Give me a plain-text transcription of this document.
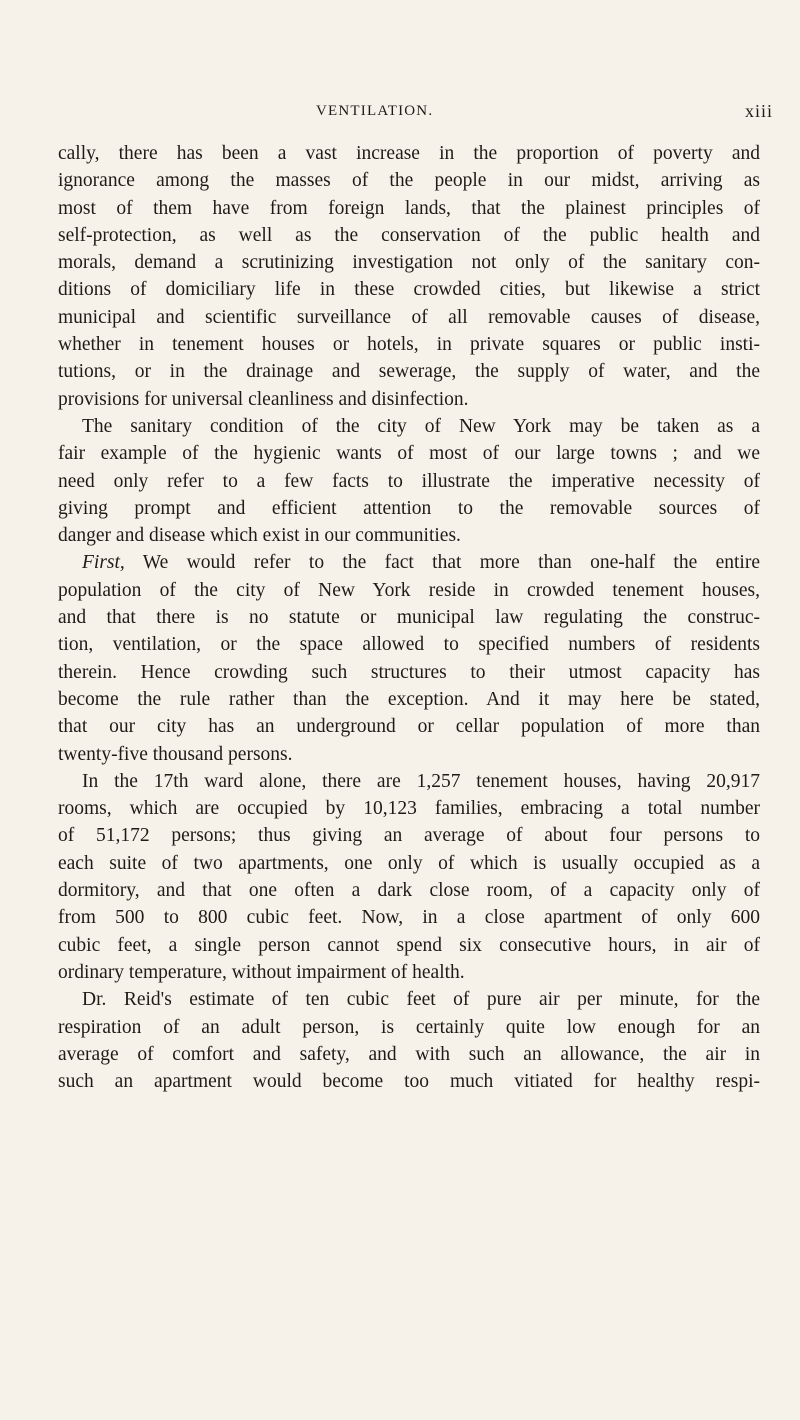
VENTILATION.	xiii
cally, there has been a vast increase in the proportion of poverty and
ignorance among the masses of the people in our midst, arriving as
most of them have from foreign lands, that the plainest principles of
self-protection, as well as the conservation of the public health and
morals, demand a scrutinizing investigation not only of the sanitary con-
ditions of domiciliary life in these crowded cities, but likewise a strict
municipal and scientific surveillance of all removable causes of disease,
whether in tenement houses or hotels, in private squares or public insti-
tutions, or in the drainage and sewerage, the supply of water, and the
provisions for universal cleanliness and disinfection.
The sanitary condition of the city of New York may be taken as a
fair example of the hygienic wants of most of our large towns ; and we
need only refer to a few facts to illustrate the imperative necessity of
giving prompt and efficient attention to the removable sources of
danger and disease which exist in our communities.
First, We would refer to the fact that more than one-half the entire
population of the city of New York reside in crowded tenement houses,
and that there is no statute or municipal law regulating the construc-
tion, ventilation, or the space allowed to specified numbers of residents
therein. Hence crowding such structures to their utmost capacity has
become the rule rather than the exception. And it may here be stated,
that our city has an underground or cellar population of more than
twenty-five thousand persons.
In the 17th ward alone, there are 1,257 tenement houses, having 20,917
rooms, which are occupied by 10,123 families, embracing a total number
of 51,172 persons; thus giving an average of about four persons to
each suite of two apartments, one only of which is usually occupied as a
dormitory, and that one often a dark close room, of a capacity only of
from 500 to 800 cubic feet. Now, in a close apartment of only 600
cubic feet, a single person cannot spend six consecutive hours, in air of
ordinary temperature, without impairment of health.
Dr. Reid's estimate of ten cubic feet of pure air per minute, for the
respiration of an adult person, is certainly quite low enough for an
average of comfort and safety, and with such an allowance, the air in
such an apartment would become too much vitiated for healthy respi-
